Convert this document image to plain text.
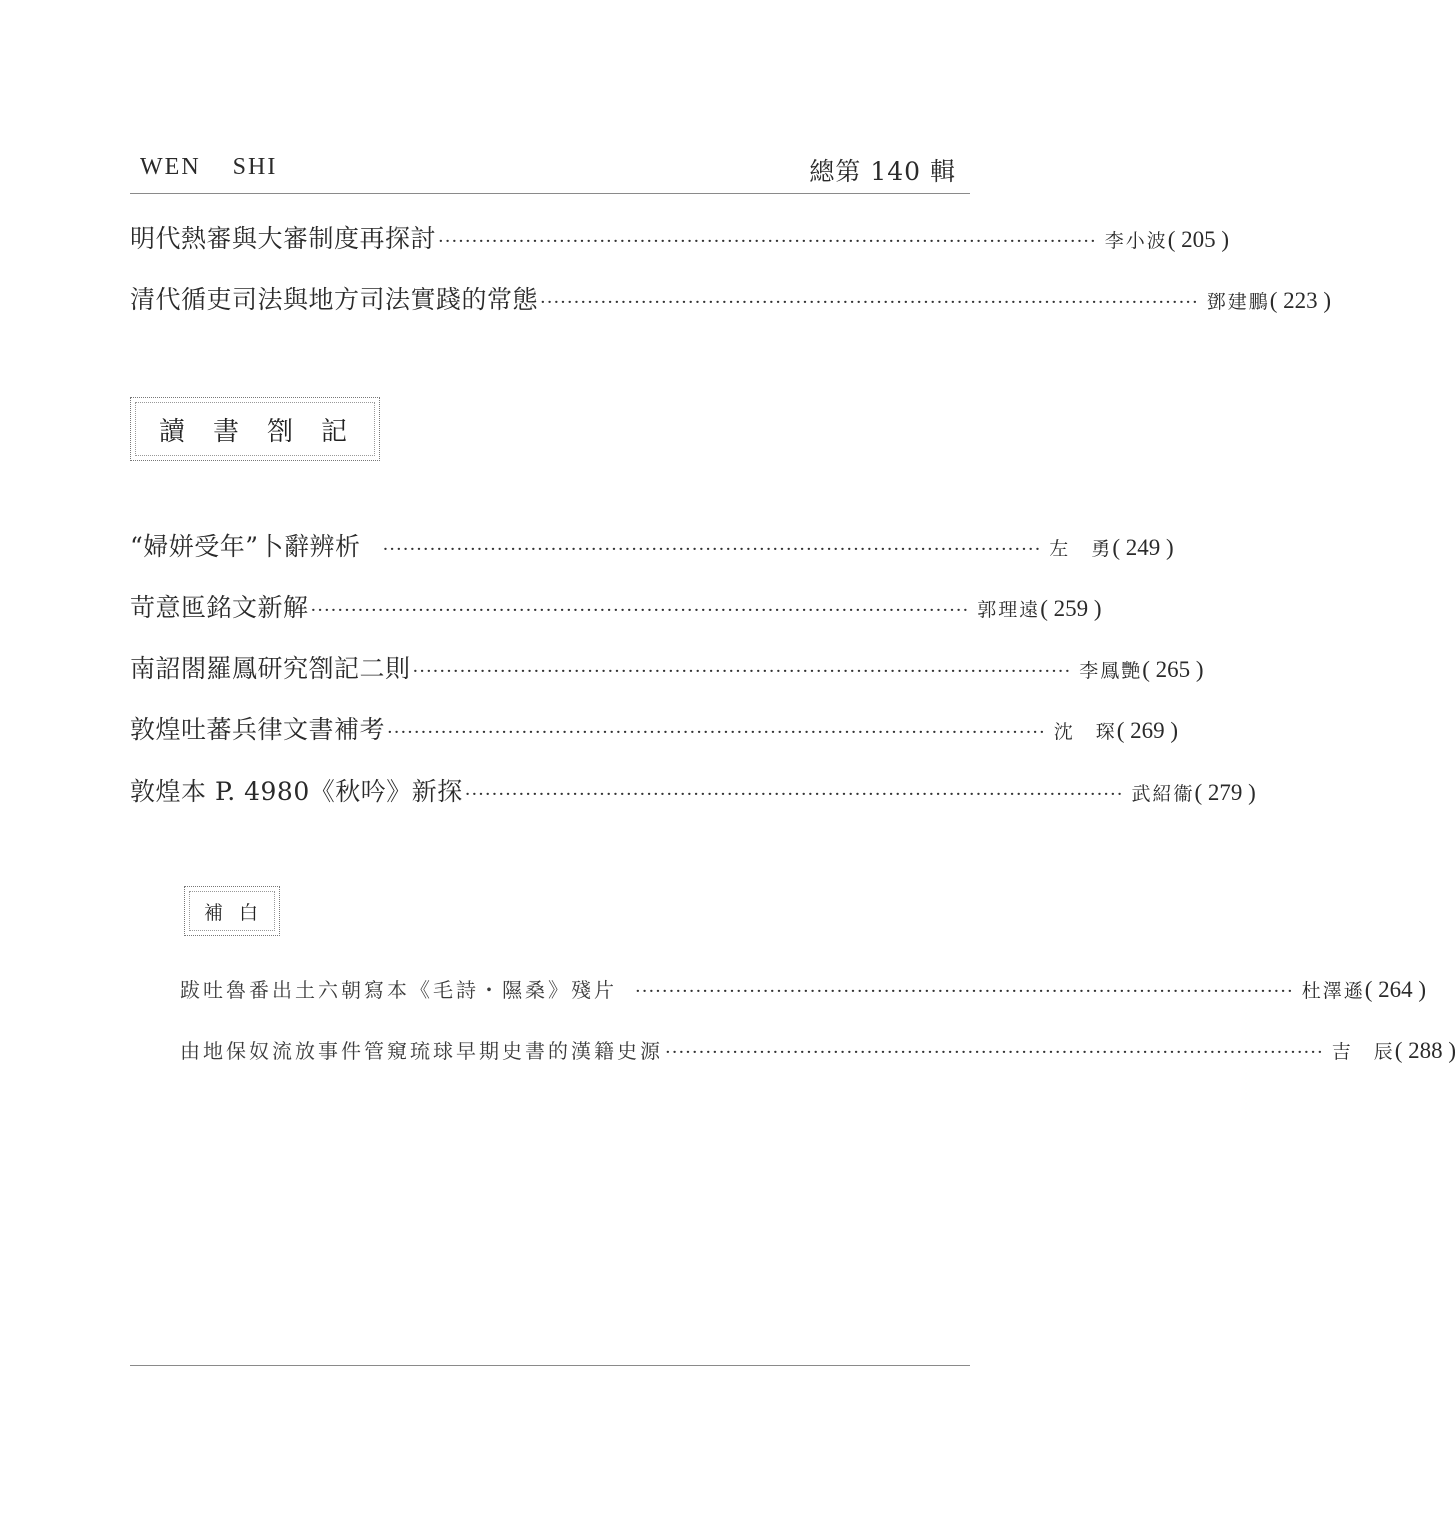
WEN    SHI	總第 140 輯
明代熱審與大審制度再探討 ·································································································· 李小波 ( 205 )
清代循吏司法與地方司法實踐的常態 ·································································································· 鄧建鵬 ( 223 )
讀書劄記
“婦姘受年”卜辭辨析 ·································································································· 左　勇 ( 249 )
苛意匜銘文新解 ·································································································· 郭理遠 ( 259 )
南詔閤羅鳳研究劄記二則 ·································································································· 李鳳艷 ( 265 )
敦煌吐蕃兵律文書補考 ·································································································· 沈　琛 ( 269 )
敦煌本 P. 4980《秋吟》新探 ·································································································· 武紹衞 ( 279 )
補白
跋吐魯番出土六朝寫本《毛詩・隰桑》殘片 ·································································································· 杜澤遜 ( 264 )
由地保奴流放事件管窺琉球早期史書的漢籍史源 ·································································································· 吉　辰 ( 288 )
